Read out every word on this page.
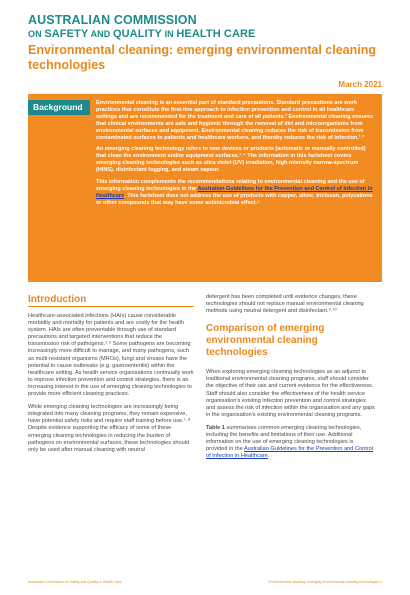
AUSTRALIAN COMMISSION
ON SAFETY AND QUALITY IN HEALTH CARE
Environmental cleaning: emerging environmental cleaning technologies
March 2021
Background	Environmental cleaning is an essential part of standard precautions. Standard precautions are work practices that constitute the first-line approach to infection prevention and control in all healthcare settings and are recommended for the treatment and care of all patients.¹ Environmental cleaning ensures that clinical environments are safe and hygienic through the removal of dirt and microorganisms from environmental surfaces and equipment. Environmental cleaning reduces the risk of transmission from contaminated surfaces to patients and healthcare workers, and thereby reduces the risk of infection.¹˒²

An emerging cleaning technology refers to new devices or products (automatic or manually controlled) that clean the environment and/or equipment surfaces.³˒⁴ The information in this factsheet covers emerging cleaning technologies such as ultra violet (UV) irradiation, high-intensity narrow-spectrum (HINS), disinfectant fogging, and steam vapour.

This information complements the recommendations relating to environmental cleaning and the use of emerging cleaning technologies in the Australian Guidelines for the Prevention and Control of Infection in Healthcare. This factsheet does not address the use of products with copper, silver, triclosan, polycations or other compounds that may have some antimicrobial effect.⁵

Introduction

Healthcare-associated infections (HAIs) cause considerable morbidity and mortality for patients and are costly for the health system. HAIs are often preventable through use of standard precautions and targeted interventions that reduce the transmission risk of pathogens.¹˒⁶ Some pathogens are becoming increasingly more difficult to manage, and many pathogens, such as multi-resistant organisms (MROs), fungi and viruses have the potential to cause outbreaks (e.g. gastroenteritis) within the healthcare setting. As health service organisations continually work to improve infection prevention and control strategies, there is an increasing interest in the use of emerging cleaning technologies to provide more efficient cleaning practices.

While emerging cleaning technologies are increasingly being integrated into many cleaning programs, they remain expensive, have potential safety risks and require staff training before use.⁷˒⁸ Despite evidence supporting the efficacy of some of these emerging cleaning technologies in reducing the burden of pathogens on environmental surfaces, these technologies should only be used after manual cleaning with neutral

detergent has been completed until evidence changes, these technologies should not replace manual environmental cleaning methods using neutral detergent and disinfectant.⁹˒¹⁰

Comparison of emerging environmental cleaning technologies

When exploring emerging cleaning technologies as an adjunct to traditional environmental cleaning programs, staff should consider the objective of their use and current evidence for the effectiveness. Staff should also consider the effectiveness of the health service organisation's existing infection prevention and control strategies and assess the risk of infection within the organisation and any gaps in the organisation's existing environmental cleaning programs.

Table 1 summarises common emerging cleaning technologies, including the benefits and limitations of their use. Additional information on the use of emerging cleaning technologies is provided in the Australian Guidelines for the Prevention and Control of Infection in Healthcare.

Australian Commission on Safety and Quality in Health Care	Environmental cleaning: emerging environmental cleaning technologies 1
